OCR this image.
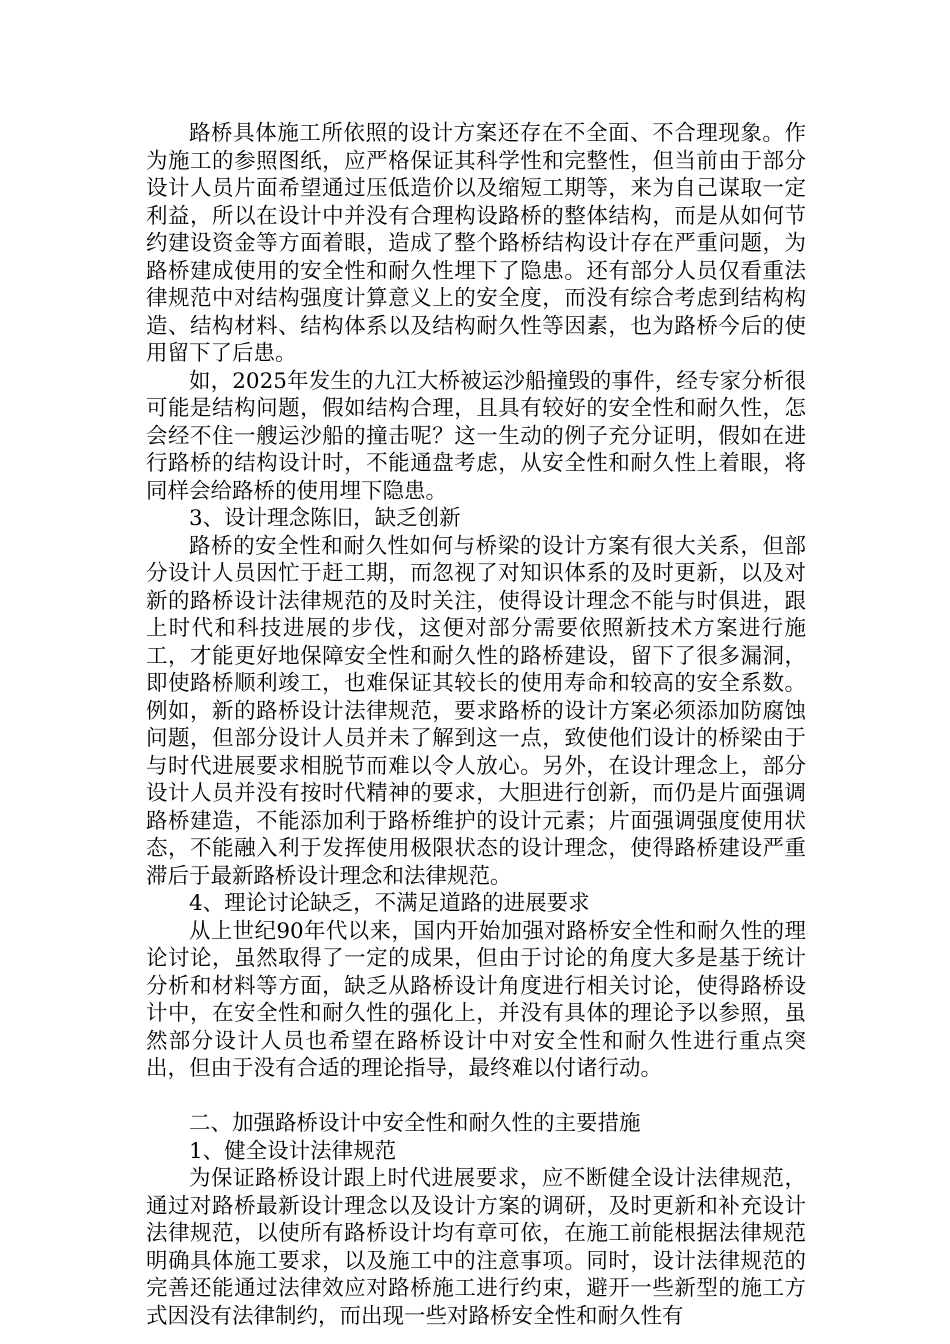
路桥具体施工所依照的设计方案还存在不全面、不合理现象。作为施工的参照图纸，应严格保证其科学性和完整性，但当前由于部分设计人员片面希望通过压低造价以及缩短工期等，来为自己谋取一定利益，所以在设计中并没有合理构设路桥的整体结构，而是从如何节约建设资金等方面着眼，造成了整个路桥结构设计存在严重问题，为路桥建成使用的安全性和耐久性埋下了隐患。还有部分人员仅看重法律规范中对结构强度计算意义上的安全度，而没有综合考虑到结构构造、结构材料、结构体系以及结构耐久性等因素，也为路桥今后的使用留下了后患。

如，2025年发生的九江大桥被运沙船撞毁的事件，经专家分析很可能是结构问题，假如结构合理，且具有较好的安全性和耐久性，怎会经不住一艘运沙船的撞击呢？这一生动的例子充分证明，假如在进行路桥的结构设计时，不能通盘考虑，从安全性和耐久性上着眼，将同样会给路桥的使用埋下隐患。

3、设计理念陈旧，缺乏创新

路桥的安全性和耐久性如何与桥梁的设计方案有很大关系，但部分设计人员因忙于赶工期，而忽视了对知识体系的及时更新，以及对新的路桥设计法律规范的及时关注，使得设计理念不能与时俱进，跟上时代和科技进展的步伐，这便对部分需要依照新技术方案进行施工，才能更好地保障安全性和耐久性的路桥建设，留下了很多漏洞，即使路桥顺利竣工，也难保证其较长的使用寿命和较高的安全系数。例如，新的路桥设计法律规范，要求路桥的设计方案必须添加防腐蚀问题，但部分设计人员并未了解到这一点，致使他们设计的桥梁由于与时代进展要求相脱节而难以令人放心。另外，在设计理念上，部分设计人员并没有按时代精神的要求，大胆进行创新，而仍是片面强调路桥建造，不能添加利于路桥维护的设计元素；片面强调强度使用状态，不能融入利于发挥使用极限状态的设计理念，使得路桥建设严重滞后于最新路桥设计理念和法律规范。

4、理论讨论缺乏，不满足道路的进展要求

从上世纪90年代以来，国内开始加强对路桥安全性和耐久性的理论讨论，虽然取得了一定的成果，但由于讨论的角度大多是基于统计分析和材料等方面，缺乏从路桥设计角度进行相关讨论，使得路桥设计中，在安全性和耐久性的强化上，并没有具体的理论予以参照，虽然部分设计人员也希望在路桥设计中对安全性和耐久性进行重点突出，但由于没有合适的理论指导，最终难以付诸行动。

二、加强路桥设计中安全性和耐久性的主要措施

1、健全设计法律规范

为保证路桥设计跟上时代进展要求，应不断健全设计法律规范，通过对路桥最新设计理念以及设计方案的调研，及时更新和补充设计法律规范，以使所有路桥设计均有章可依，在施工前能根据法律规范明确具体施工要求，以及施工中的注意事项。同时，设计法律规范的完善还能通过法律效应对路桥施工进行约束，避开一些新型的施工方式因没有法律制约，而出现一些对路桥安全性和耐久性有
